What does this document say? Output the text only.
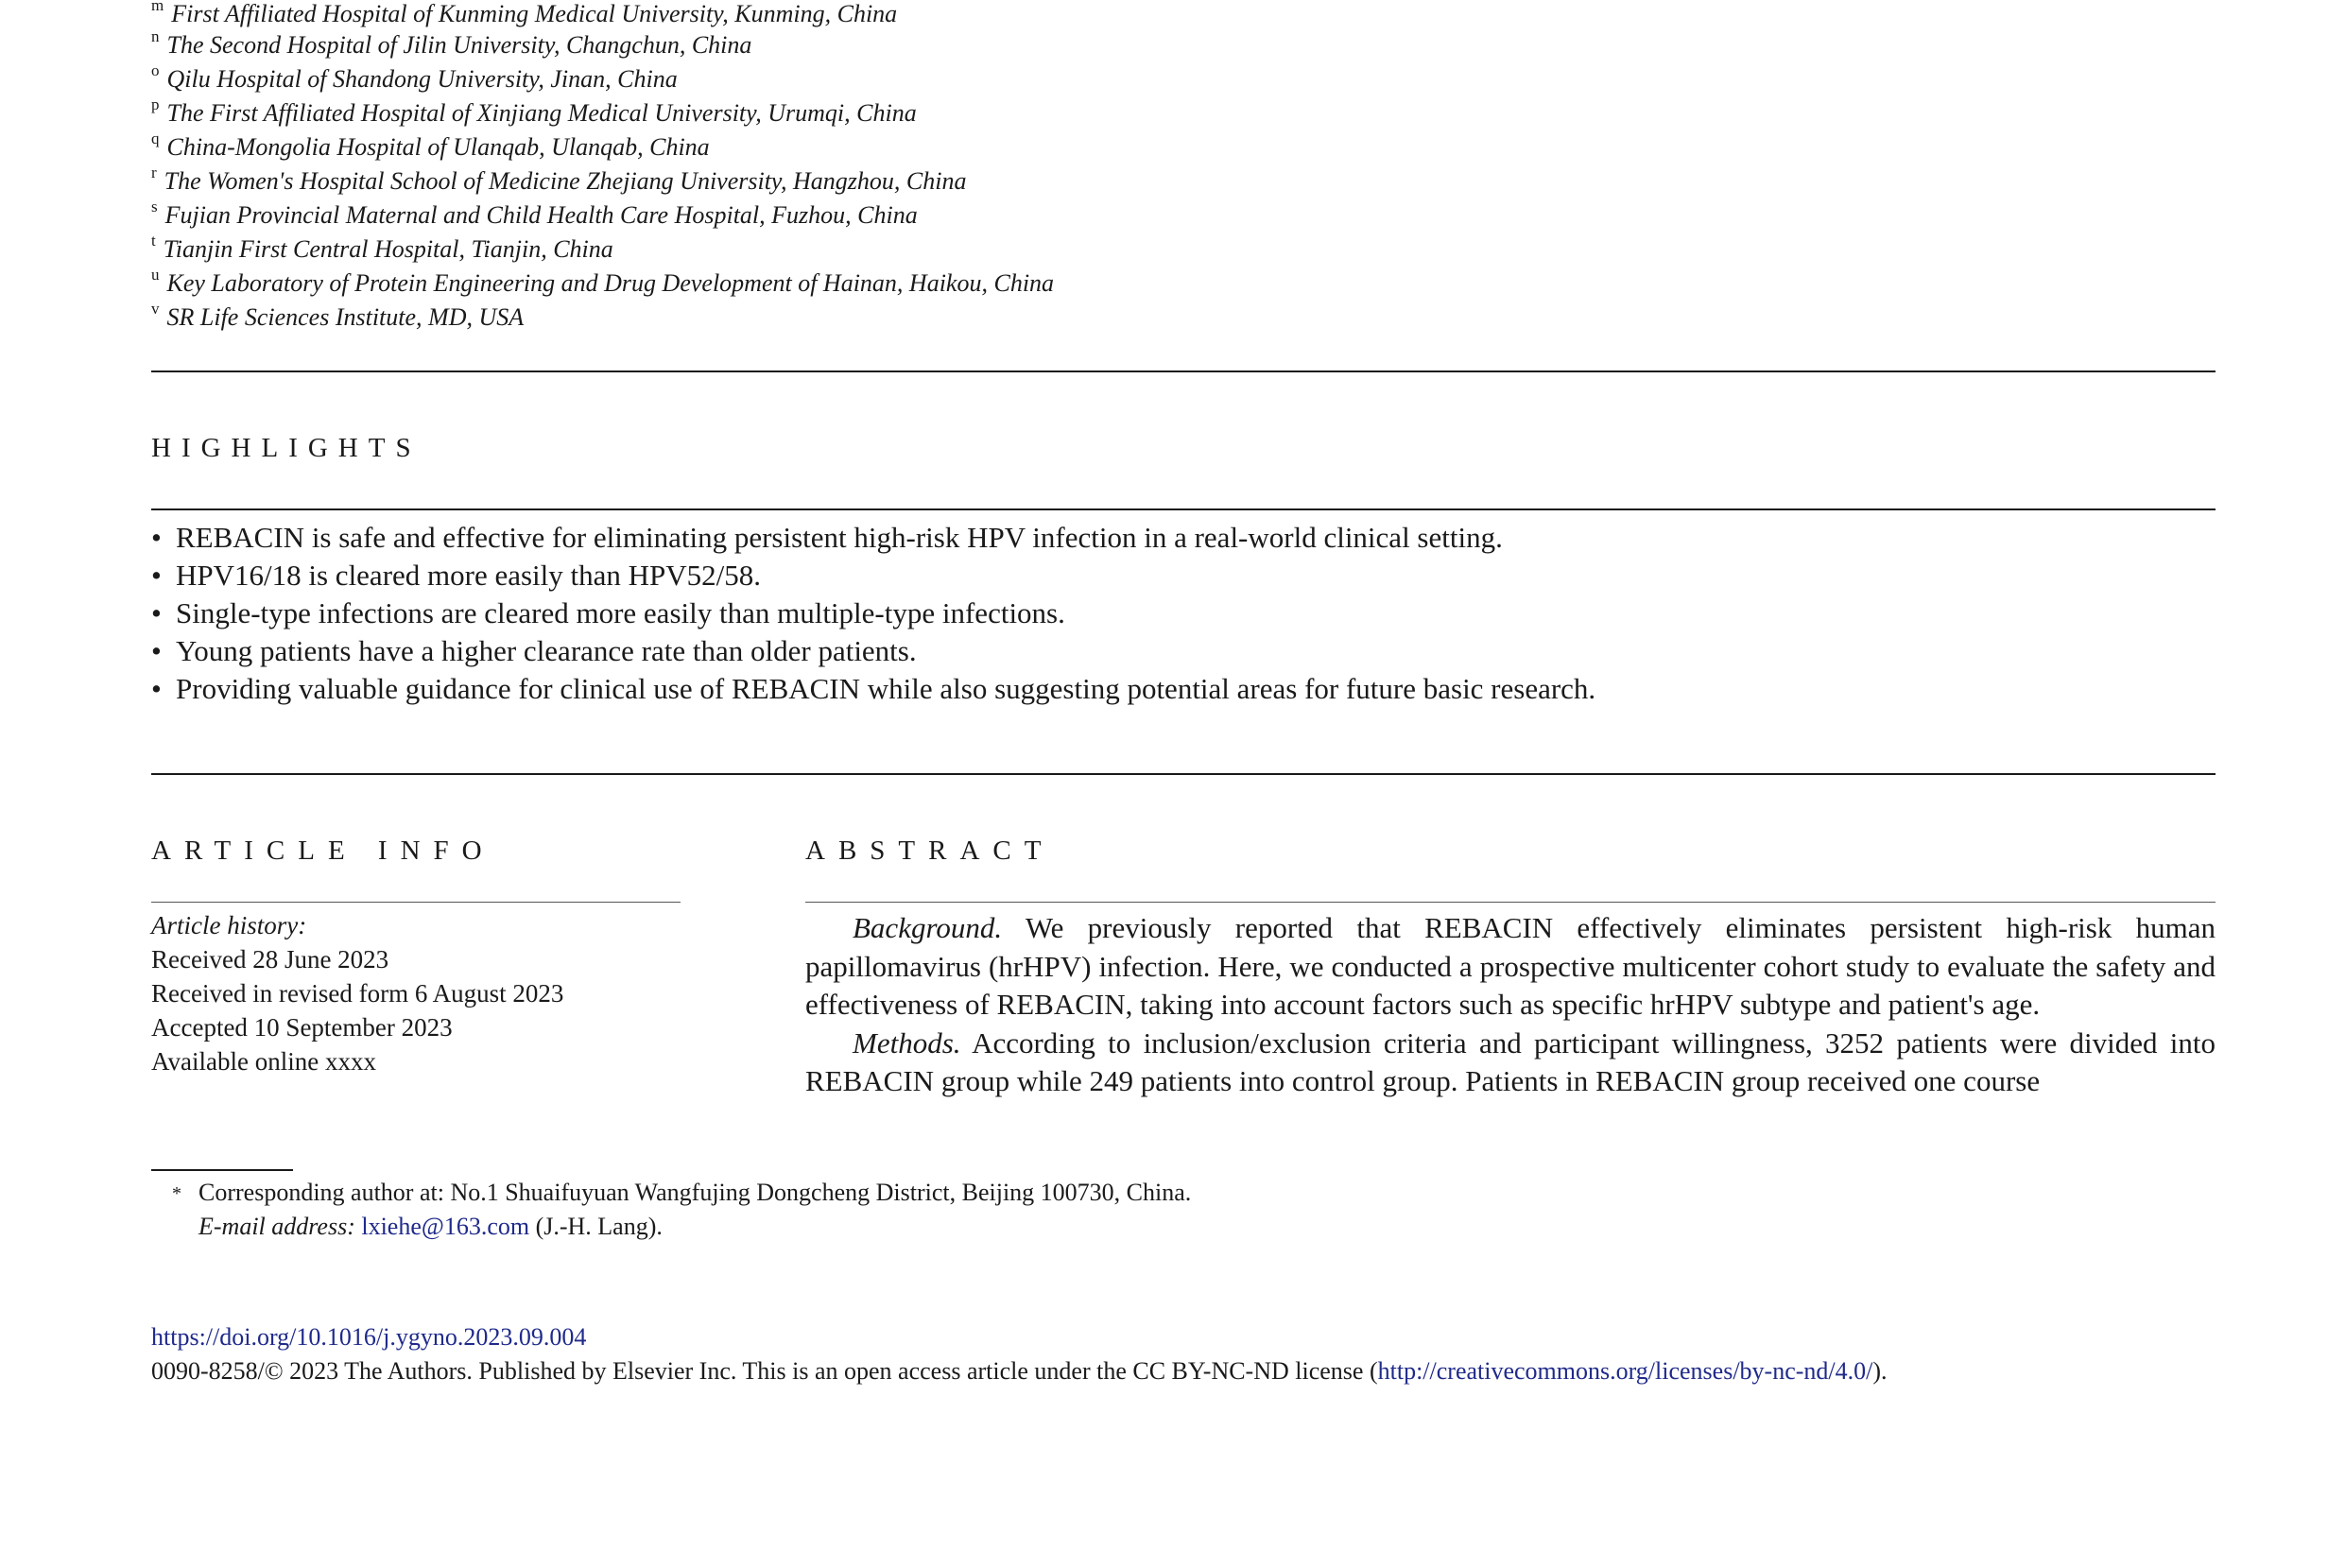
$^m$ First Affiliated Hospital of Kunming Medical University, Kunming, China
$^n$ The Second Hospital of Jilin University, Changchun, China
$^o$ Qilu Hospital of Shandong University, Jinan, China
$^p$ The First Affiliated Hospital of Xinjiang Medical University, Urumqi, China
$^q$ China-Mongolia Hospital of Ulanqab, Ulanqab, China
$^r$ The Women's Hospital School of Medicine Zhejiang University, Hangzhou, China
$^s$ Fujian Provincial Maternal and Child Health Care Hospital, Fuzhou, China
$^t$ Tianjin First Central Hospital, Tianjin, China
$^u$ Key Laboratory of Protein Engineering and Drug Development of Hainan, Haikou, China
$^v$ SR Life Sciences Institute, MD, USA
HIGHLIGHTS
• REBACIN is safe and effective for eliminating persistent high-risk HPV infection in a real-world clinical setting.
• HPV16/18 is cleared more easily than HPV52/58.
• Single-type infections are cleared more easily than multiple-type infections.
• Young patients have a higher clearance rate than older patients.
• Providing valuable guidance for clinical use of REBACIN while also suggesting potential areas for future basic research.
ARTICLE INFO
Article history:
Received 28 June 2023
Received in revised form 6 August 2023
Accepted 10 September 2023
Available online xxxx
ABSTRACT

Background. We previously reported that REBACIN effectively eliminates persistent high-risk human papillomavirus (hrHPV) infection. Here, we conducted a prospective multicenter cohort study to evaluate the safety and effectiveness of REBACIN, taking into account factors such as specific hrHPV subtype and patient's age.

Methods. According to inclusion/exclusion criteria and participant willingness, 3252 patients were divided into REBACIN group while 249 patients into control group. Patients in REBACIN group received one course

* Corresponding author at: No.1 Shuaifuyuan Wangfujing Dongcheng District, Beijing 100730, China.
E-mail address: lxiehe@163.com (J.-H. Lang).
https://doi.org/10.1016/j.ygyno.2023.09.004
0090-8258/© 2023 The Authors. Published by Elsevier Inc. This is an open access article under the CC BY-NC-ND license (http://creativecommons.org/licenses/by-nc-nd/4.0/).
